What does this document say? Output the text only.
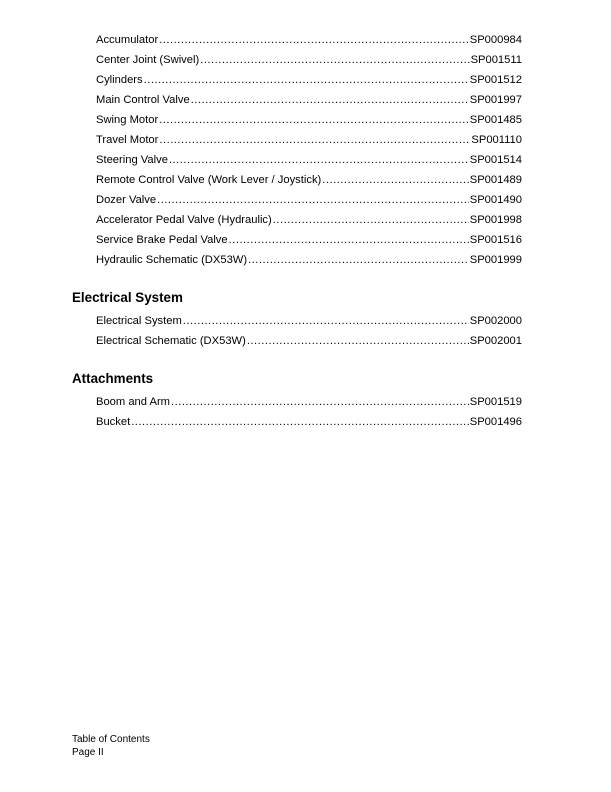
Accumulator .....	SP000984
Center Joint (Swivel) .....	SP001511
Cylinders .....	SP001512
Main Control Valve .....	SP001997
Swing Motor .....	SP001485
Travel Motor .....	SP001110
Steering Valve .....	SP001514
Remote Control Valve (Work Lever / Joystick) .....	SP001489
Dozer Valve .....	SP001490
Accelerator Pedal Valve (Hydraulic) .....	SP001998
Service Brake Pedal Valve .....	SP001516
Hydraulic Schematic (DX53W) .....	SP001999
Electrical System
Electrical System .....	SP002000
Electrical Schematic (DX53W) .....	SP002001
Attachments
Boom and Arm .....	SP001519
Bucket .....	SP001496
Table of Contents
Page II
